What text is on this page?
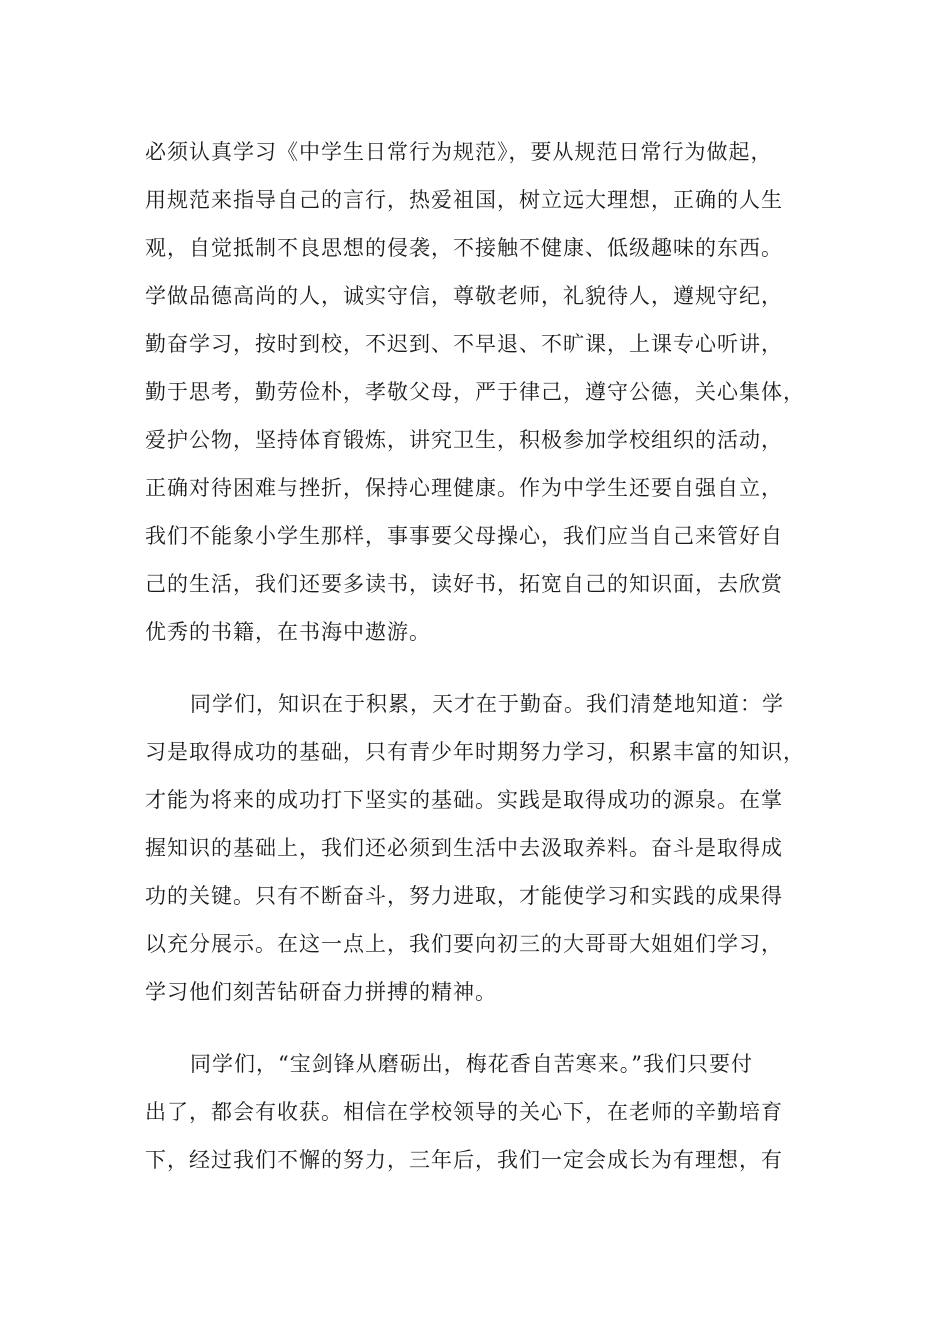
必须认真学习《中学生日常行为规范》，要从规范日常行为做起，
用规范来指导自己的言行，热爱祖国，树立远大理想，正确的人生
观，自觉抵制不良思想的侵袭，不接触不健康、低级趣味的东西。
学做品德高尚的人，诚实守信，尊敬老师，礼貌待人，遵规守纪，
勤奋学习，按时到校，不迟到、不早退、不旷课，上课专心听讲，
勤于思考，勤劳俭朴，孝敬父母，严于律己，遵守公德，关心集体，
爱护公物，坚持体育锻炼，讲究卫生，积极参加学校组织的活动，
正确对待困难与挫折，保持心理健康。作为中学生还要自强自立，
我们不能象小学生那样，事事要父母操心，我们应当自己来管好自
己的生活，我们还要多读书，读好书，拓宽自己的知识面，去欣赏
优秀的书籍，在书海中遨游。
同学们，知识在于积累，天才在于勤奋。我们清楚地知道：学
习是取得成功的基础，只有青少年时期努力学习，积累丰富的知识，
才能为将来的成功打下坚实的基础。实践是取得成功的源泉。在掌
握知识的基础上，我们还必须到生活中去汲取养料。奋斗是取得成
功的关键。只有不断奋斗，努力进取，才能使学习和实践的成果得
以充分展示。在这一点上，我们要向初三的大哥哥大姐姐们学习，
学习他们刻苦钻研奋力拼搏的精神。
同学们，“宝剑锋从磨砺出，梅花香自苦寒来。”我们只要付
出了，都会有收获。相信在学校领导的关心下，在老师的辛勤培育
下，经过我们不懈的努力，三年后，我们一定会成长为有理想，有
